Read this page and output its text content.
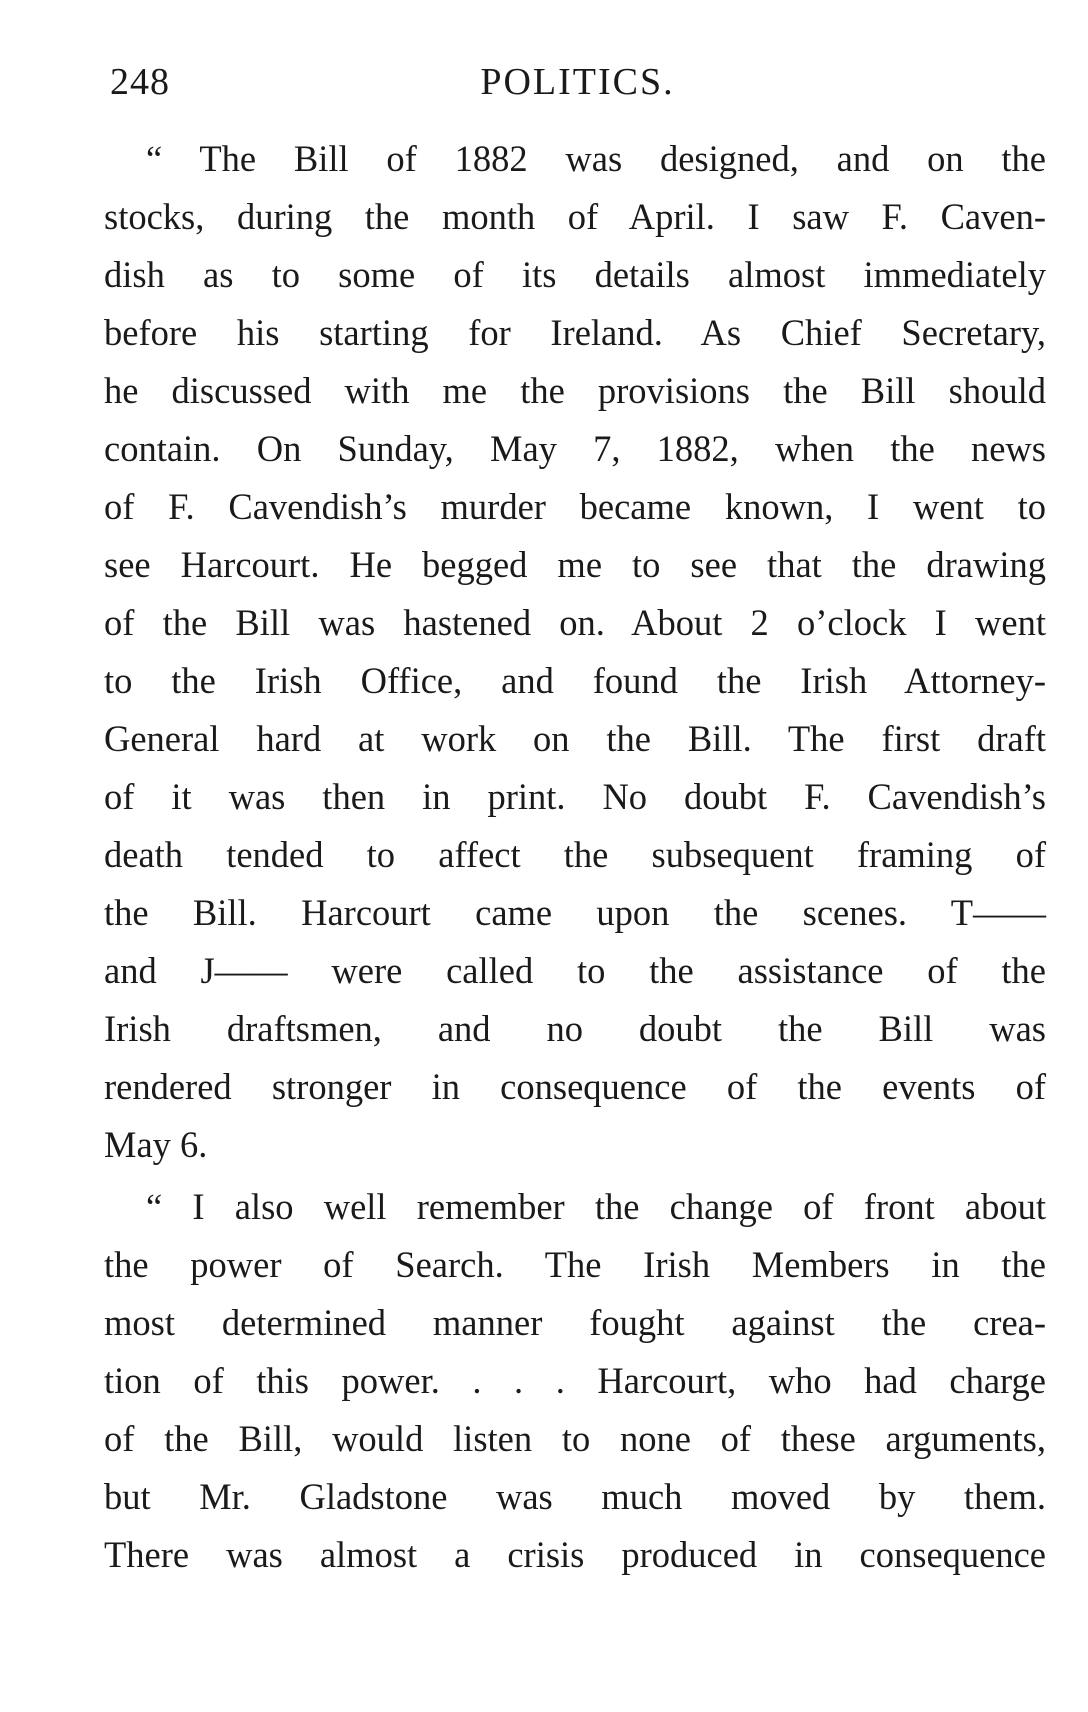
248	POLITICS.
“ The Bill of 1882 was designed, and on the
stocks, during the month of April. I saw F. Caven-
dish as to some of its details almost immediately
before his starting for Ireland. As Chief Secretary,
he discussed with me the provisions the Bill should
contain. On Sunday, May 7, 1882, when the news
of F. Cavendish’s murder became known, I went to
see Harcourt. He begged me to see that the drawing
of the Bill was hastened on. About 2 o’clock I went
to the Irish Office, and found the Irish Attorney-
General hard at work on the Bill. The first draft
of it was then in print. No doubt F. Cavendish’s
death tended to affect the subsequent framing of
the Bill. Harcourt came upon the scenes. T——
and J—— were called to the assistance of the
Irish draftsmen, and no doubt the Bill was
rendered stronger in consequence of the events of
May 6.
“ I also well remember the change of front about
the power of Search. The Irish Members in the
most determined manner fought against the crea-
tion of this power. . . . Harcourt, who had charge
of the Bill, would listen to none of these arguments,
but Mr. Gladstone was much moved by them.
There was almost a crisis produced in consequence
